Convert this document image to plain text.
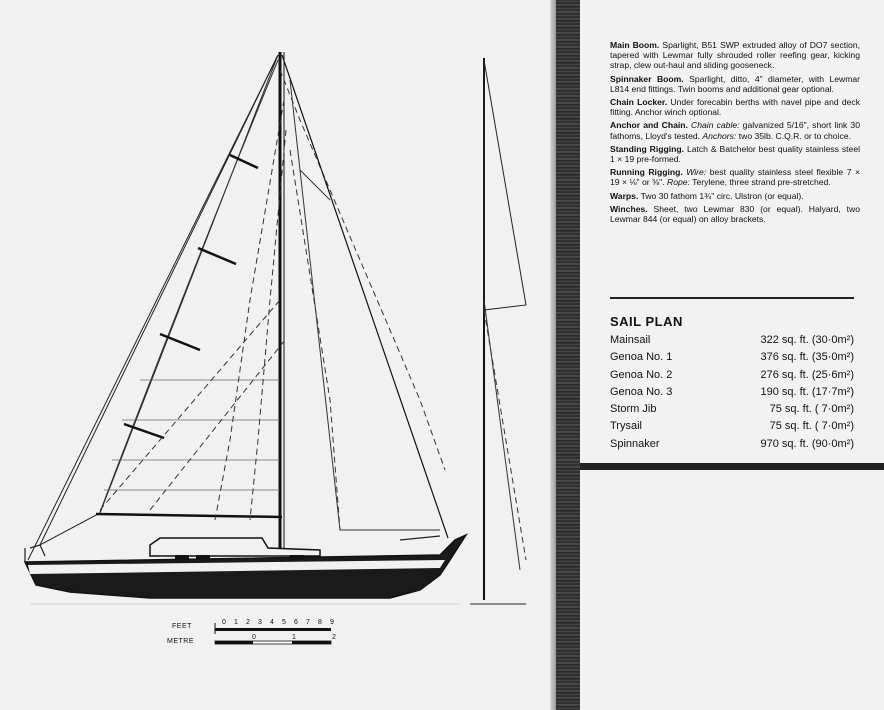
FEET
METRE
0 1 2 3 4 5 6 7 8 9
0	1	2
Main Boom. Sparlight, B51 SWP extruded alloy of DO7 section, tapered with Lewmar fully shrouded roller reefing gear, kicking strap, clew out-haul and sliding gooseneck.
Spinnaker Boom. Sparlight, ditto, 4" diameter, with Lewmar L814 end fittings. Twin booms and additional gear optional.
Chain Locker. Under forecabin berths with navel pipe and deck fitting. Anchor winch optional.
Anchor and Chain. Chain cable: galvanized 5/16", short link 30 fathoms, Lloyd's tested. Anchors: two 35lb. C.Q.R. or to choice.
Standing Rigging. Latch & Batchelor best quality stainless steel 1 × 19 pre-formed.
Running Rigging. Wire: best quality stainless steel flexible 7 × 19 × ⅛" or ⅜". Rope: Terylene, three strand pre-stretched.
Warps. Two 30 fathom 1¾" circ. Ulstron (or equal).
Winches. Sheet, two Lewmar 830 (or equal). Halyard, two Lewmar 844 (or equal) on alloy brackets.
SAIL PLAN
Mainsail	322 sq. ft. (30·0m²)
Genoa No. 1	376 sq. ft. (35·0m²)
Genoa No. 2	276 sq. ft. (25·6m²)
Genoa No. 3	190 sq. ft. (17·7m²)
Storm Jib	75 sq. ft. ( 7·0m²)
Trysail	75 sq. ft. ( 7·0m²)
Spinnaker	970 sq. ft. (90·0m²)
